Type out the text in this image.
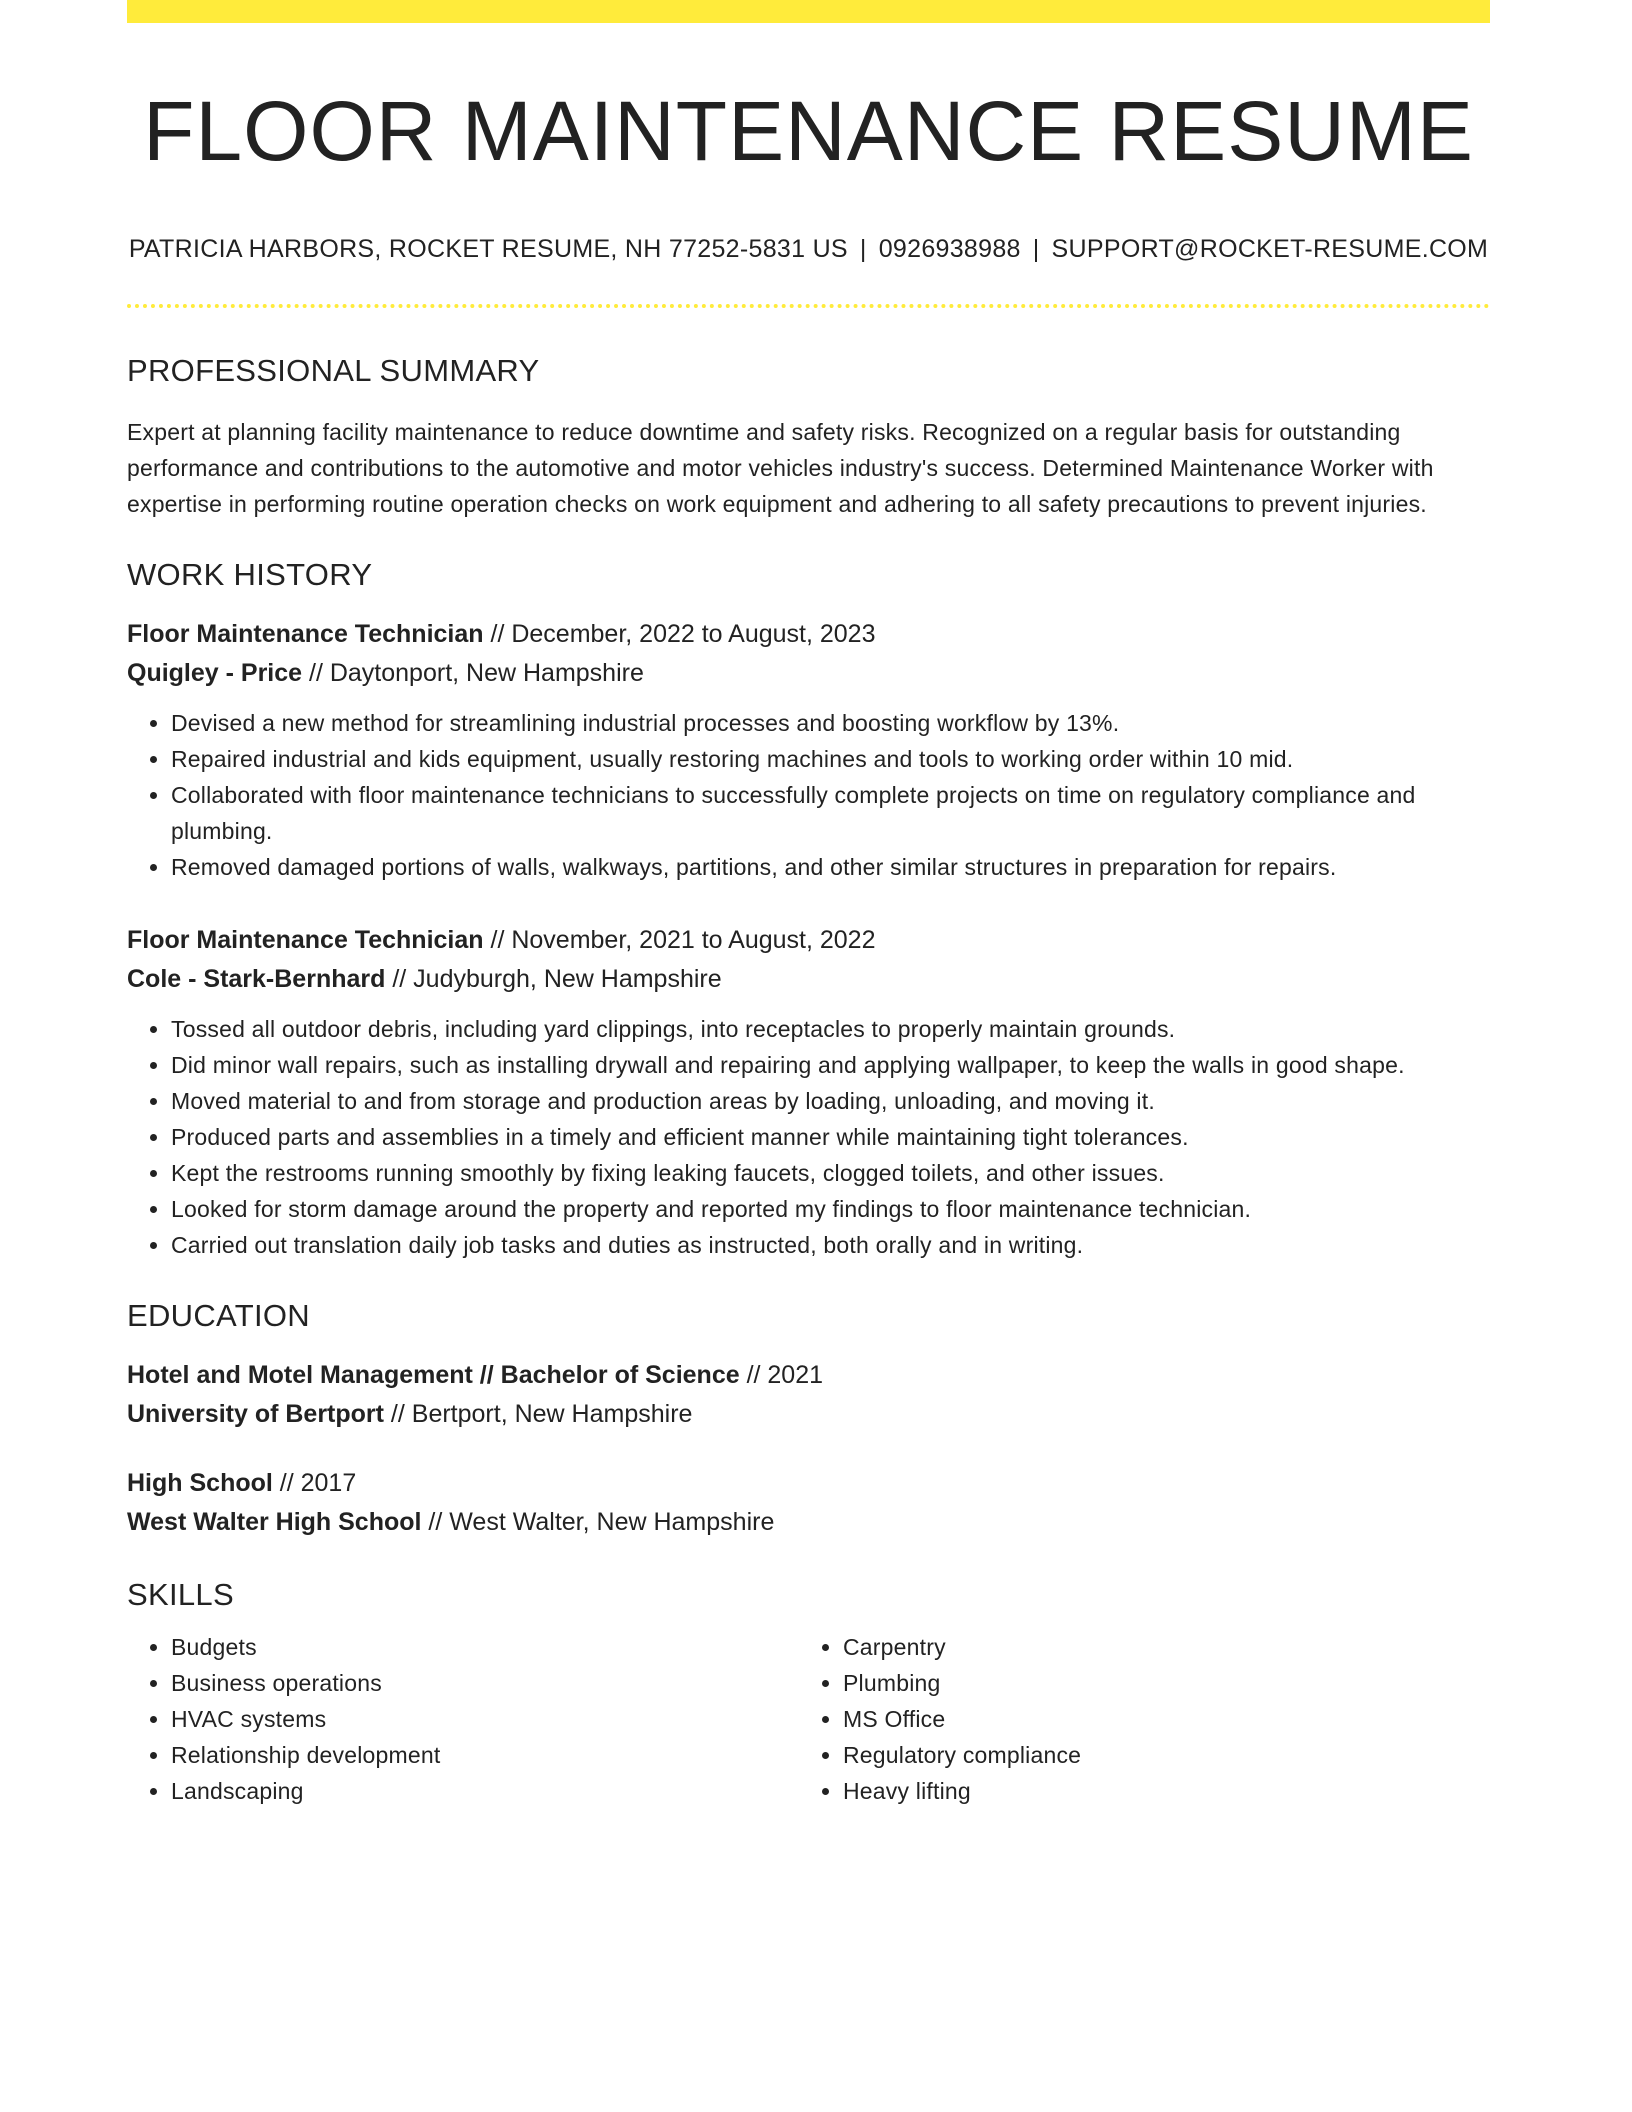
FLOOR MAINTENANCE RESUME
PATRICIA HARBORS, ROCKET RESUME, NH 77252-5831 US | 0926938988 | SUPPORT@ROCKET-RESUME.COM
PROFESSIONAL SUMMARY

Expert at planning facility maintenance to reduce downtime and safety risks. Recognized on a regular basis for outstanding performance and contributions to the automotive and motor vehicles industry's success. Determined Maintenance Worker with expertise in performing routine operation checks on work equipment and adhering to all safety precautions to prevent injuries.

WORK HISTORY
Floor Maintenance Technician // December, 2022 to August, 2023
Quigley - Price // Daytonport, New Hampshire
• Devised a new method for streamlining industrial processes and boosting workflow by 13%.
• Repaired industrial and kids equipment, usually restoring machines and tools to working order within 10 mid.
• Collaborated with floor maintenance technicians to successfully complete projects on time on regulatory compliance and plumbing.
• Removed damaged portions of walls, walkways, partitions, and other similar structures in preparation for repairs.
Floor Maintenance Technician // November, 2021 to August, 2022
Cole - Stark-Bernhard // Judyburgh, New Hampshire
• Tossed all outdoor debris, including yard clippings, into receptacles to properly maintain grounds.
• Did minor wall repairs, such as installing drywall and repairing and applying wallpaper, to keep the walls in good shape.
• Moved material to and from storage and production areas by loading, unloading, and moving it.
• Produced parts and assemblies in a timely and efficient manner while maintaining tight tolerances.
• Kept the restrooms running smoothly by fixing leaking faucets, clogged toilets, and other issues.
• Looked for storm damage around the property and reported my findings to floor maintenance technician.
• Carried out translation daily job tasks and duties as instructed, both orally and in writing.
EDUCATION
Hotel and Motel Management // Bachelor of Science // 2021
University of Bertport // Bertport, New Hampshire
High School // 2017
West Walter High School // West Walter, New Hampshire
SKILLS
• Budgets
• Business operations
• HVAC systems
• Relationship development
• Landscaping
• Carpentry
• Plumbing
• MS Office
• Regulatory compliance
• Heavy lifting
